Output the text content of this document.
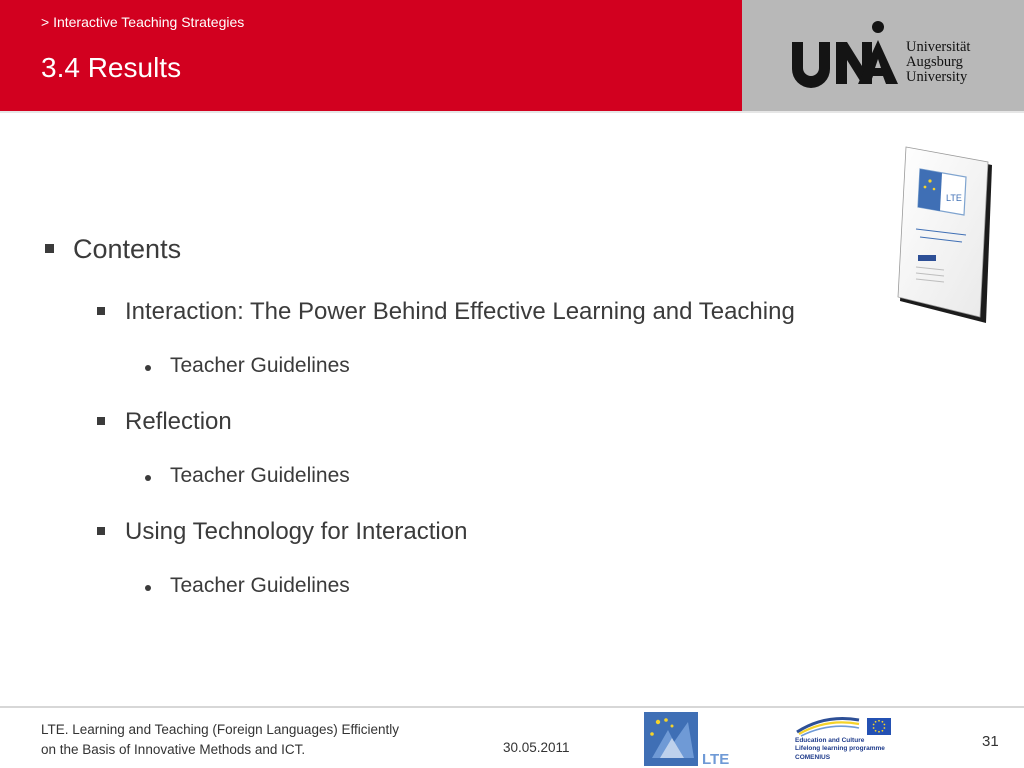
> Interactive Teaching Strategies
3.4 Results
Universität
Augsburg
University
LTE
Contents
Interaction: The Power Behind Effective Learning and Teaching
Teacher Guidelines
Reflection
Teacher Guidelines
Using Technology for Interaction
Teacher Guidelines
LTE. Learning and Teaching (Foreign Languages) Efficiently
on the Basis of Innovative Methods and ICT.	30.05.2011
LTE
Education and Culture
Lifelong learning programme
COMENIUS
31
